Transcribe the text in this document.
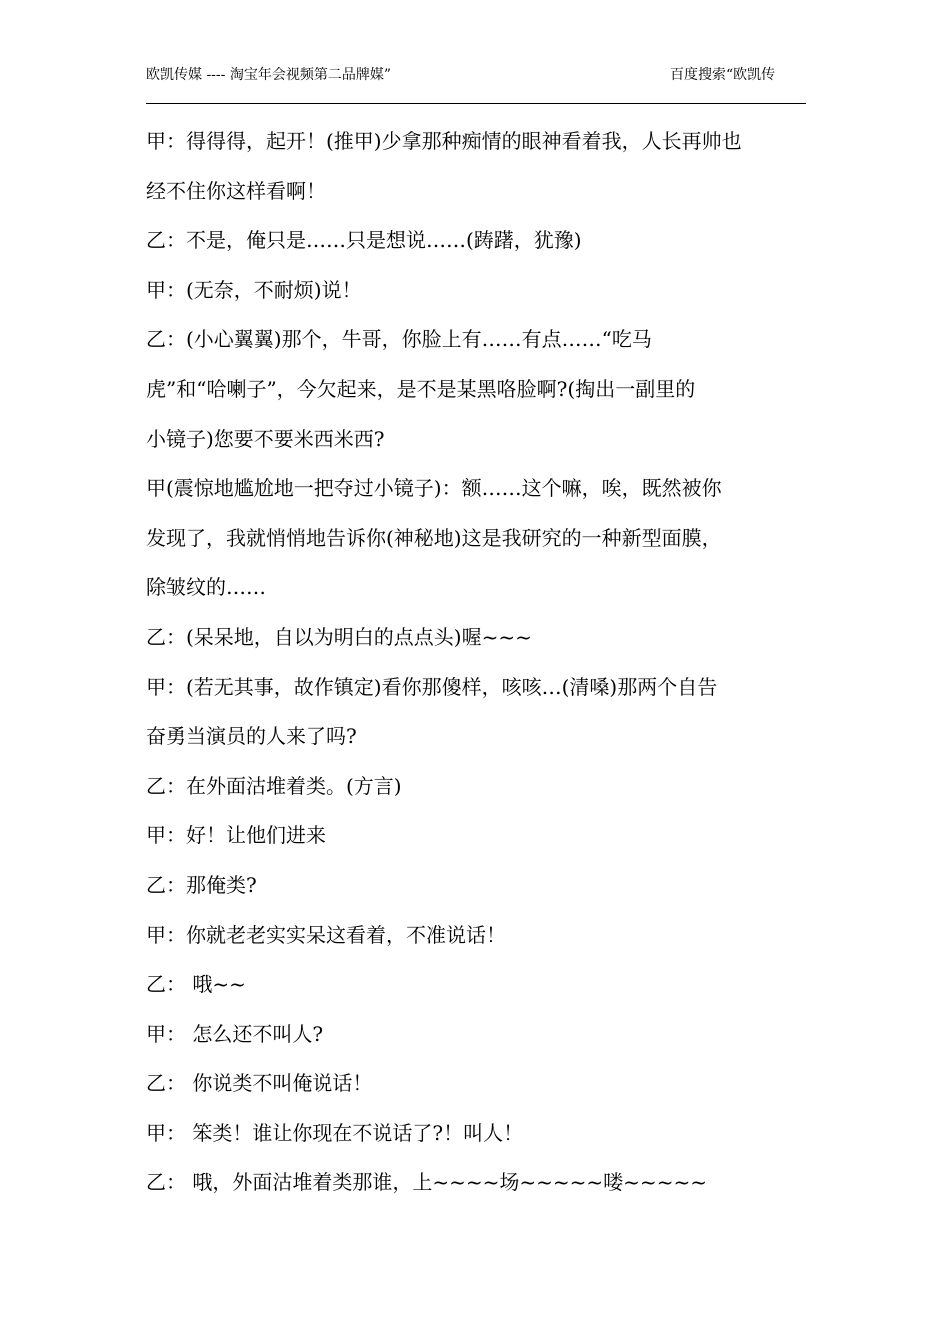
欧凯传媒 ---- 淘宝年会视频第二品牌媒”	百度搜索“欧凯传
甲：得得得，起开！(推甲)少拿那种痴情的眼神看着我，人长再帅也
经不住你这样看啊！
乙：不是，俺只是……只是想说……(踌躇，犹豫)
甲：(无奈，不耐烦)说！
乙：(小心翼翼)那个，牛哥，你脸上有……有点……“吃马
虎”和“哈喇子”，今欠起来，是不是某黑咯脸啊?(掏出一副里的
小镜子)您要不要米西米西?
甲(震惊地尴尬地一把夺过小镜子)：额……这个嘛，唉，既然被你
发现了，我就悄悄地告诉你(神秘地)这是我研究的一种新型面膜，
除皱纹的……
乙：(呆呆地，自以为明白的点点头)喔~~~
甲：(若无其事，故作镇定)看你那傻样，咳咳…(清嗓)那两个自告
奋勇当演员的人来了吗?
乙：在外面沽堆着类。(方言)
甲：好！让他们进来
乙：那俺类?
甲：你就老老实实呆这看着，不准说话！
乙： 哦~~
甲： 怎么还不叫人?
乙： 你说类不叫俺说话！
甲： 笨类！谁让你现在不说话了?！叫人！
乙： 哦，外面沽堆着类那谁，上~~~~场~~~~~喽~~~~~
